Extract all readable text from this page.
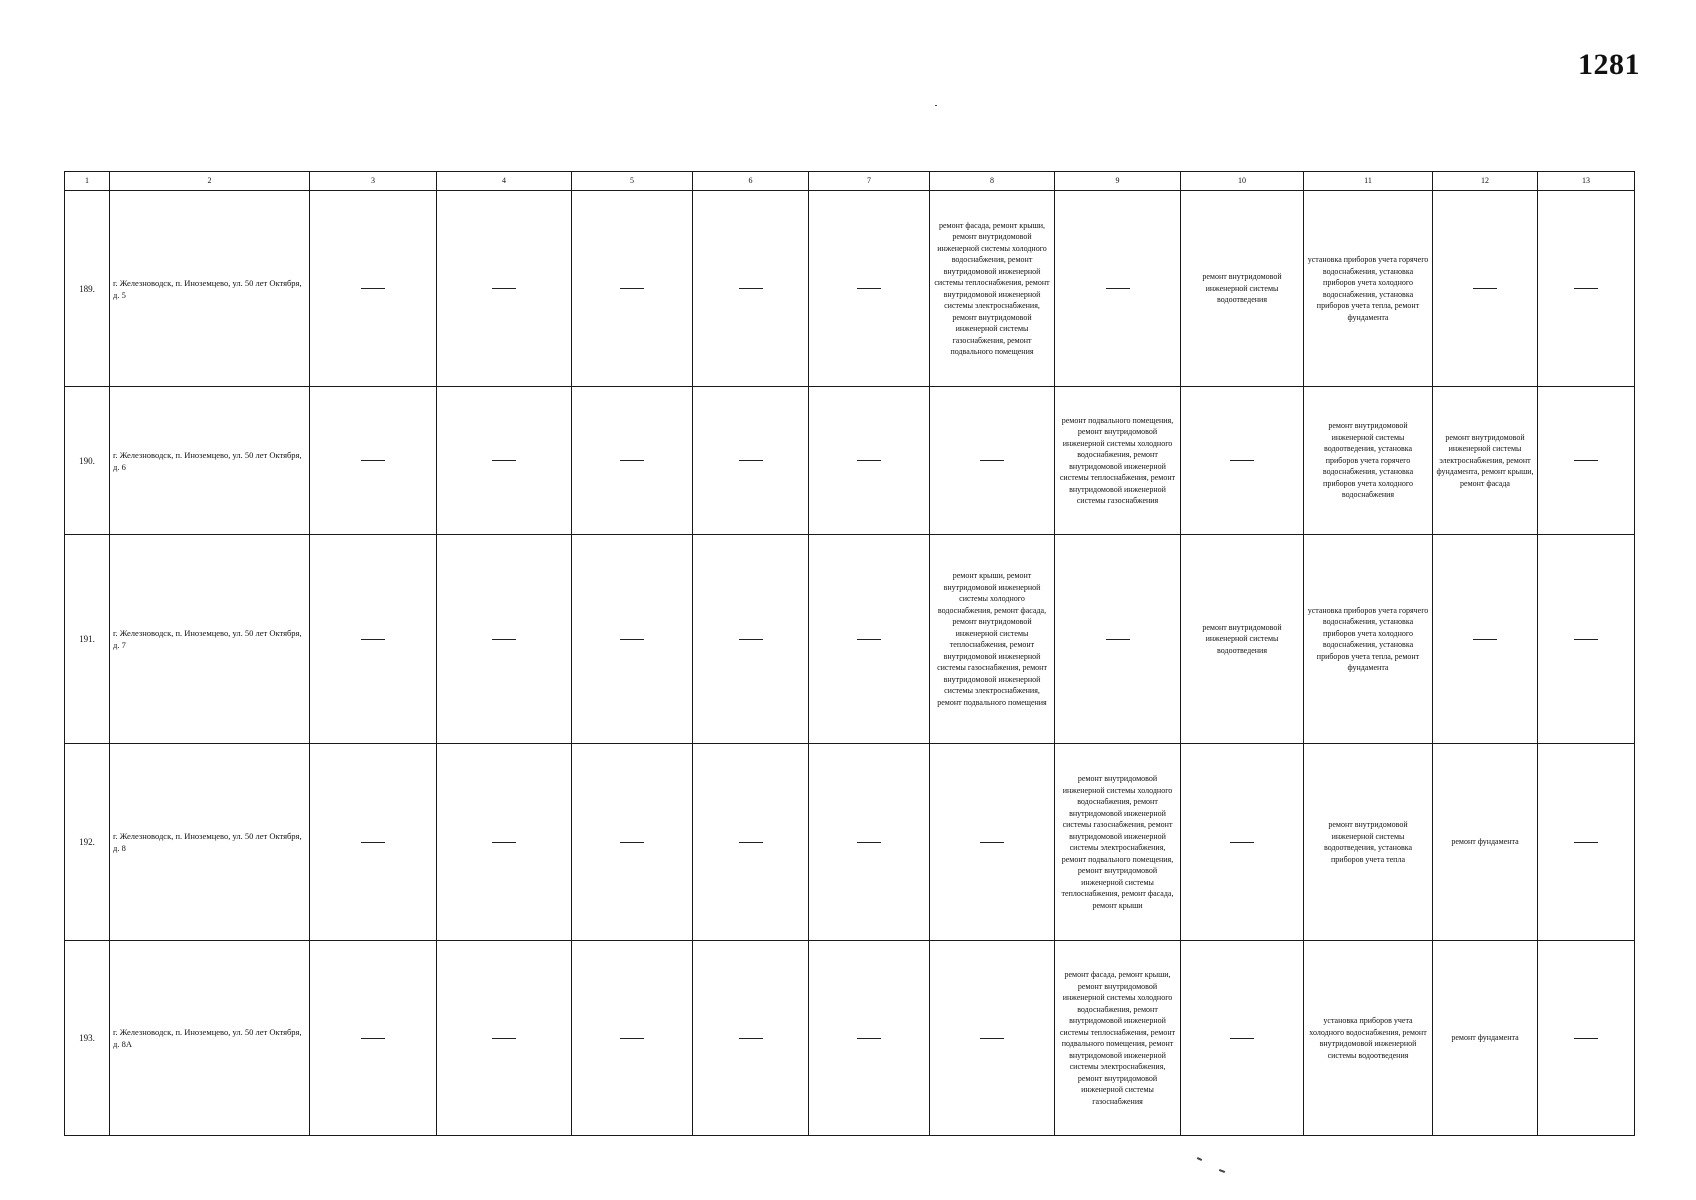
1281
1	2	3	4	5	6	7	8	9	10	11	12	13
189.	г. Железноводск, п. Иноземцево, ул. 50 лет Октября, д. 5						ремонт фасада, ремонт крыши, ремонт внутридомовой инженерной системы холодного водоснабжения, ремонт внутридомовой инженерной системы теплоснабжения, ремонт внутридомовой инженерной системы электроснабжения, ремонт внутридомовой инженерной системы газоснабжения, ремонт подвального помещения		ремонт внутридомовой инженерной системы водоотведения	установка приборов учета горячего водоснабжения, установка приборов учета холодного водоснабжения, установка приборов учета тепла, ремонт фундамента		
190.	г. Железноводск, п. Иноземцево, ул. 50 лет Октября, д. 6							ремонт подвального помещения, ремонт внутридомовой инженерной системы холодного водоснабжения, ремонт внутридомовой инженерной системы теплоснабжения, ремонт внутридомовой инженерной системы газоснабжения		ремонт внутридомовой инженерной системы водоотведения, установка приборов учета горячего водоснабжения, установка приборов учета холодного водоснабжения	ремонт внутридомовой инженерной системы электроснабжения, ремонт фундамента, ремонт крыши, ремонт фасада	
191.	г. Железноводск, п. Иноземцево, ул. 50 лет Октября, д. 7						ремонт крыши, ремонт внутридомовой инженерной системы холодного водоснабжения, ремонт фасада, ремонт внутридомовой инженерной системы теплоснабжения, ремонт внутридомовой инженерной системы газоснабжения, ремонт внутридомовой инженерной системы электроснабжения, ремонт подвального помещения		ремонт внутридомовой инженерной системы водоотведения	установка приборов учета горячего водоснабжения, установка приборов учета холодного водоснабжения, установка приборов учета тепла, ремонт фундамента		
192.	г. Железноводск, п. Иноземцево, ул. 50 лет Октября, д. 8							ремонт внутридомовой инженерной системы холодного водоснабжения, ремонт внутридомовой инженерной системы газоснабжения, ремонт внутридомовой инженерной системы электроснабжения, ремонт подвального помещения, ремонт внутридомовой инженерной системы теплоснабжения, ремонт фасада, ремонт крыши		ремонт внутридомовой инженерной системы водоотведения, установка приборов учета тепла	ремонт фундамента	
193.	г. Железноводск, п. Иноземцево, ул. 50 лет Октября, д. 8А							ремонт фасада, ремонт крыши, ремонт внутридомовой инженерной системы холодного водоснабжения, ремонт внутридомовой инженерной системы теплоснабжения, ремонт подвального помещения, ремонт внутридомовой инженерной системы электроснабжения, ремонт внутридомовой инженерной системы газоснабжения		установка приборов учета холодного водоснабжения, ремонт внутридомовой инженерной системы водоотведения	ремонт фундамента	
